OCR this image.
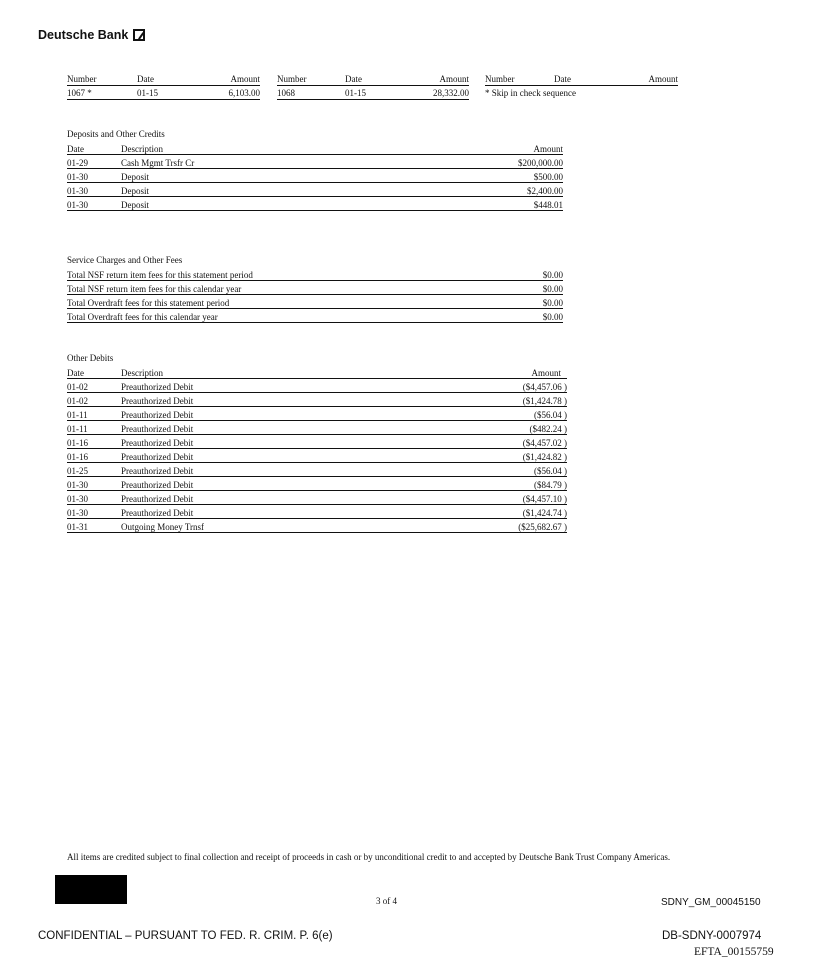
Deutsche Bank
Number	Date	Amount
1067 *	01-15	6,103.00
Number	Date	Amount
1068	01-15	28,332.00
Number	Date	Amount
* Skip in check sequence
Deposits and Other Credits
Date	Description	Amount
01-29	Cash Mgmt Trsfr Cr	$200,000.00
01-30	Deposit	$500.00
01-30	Deposit	$2,400.00
01-30	Deposit	$448.01
Service Charges and Other Fees
Total NSF return item fees for this statement period	$0.00
Total NSF return item fees for this calendar year	$0.00
Total Overdraft fees for this statement period	$0.00
Total Overdraft fees for this calendar year	$0.00
Other Debits
Date	Description	Amount
01-02	Preauthorized Debit	($4,457.06 )
01-02	Preauthorized Debit	($1,424.78 )
01-11	Preauthorized Debit	($56.04 )
01-11	Preauthorized Debit	($482.24 )
01-16	Preauthorized Debit	($4,457.02 )
01-16	Preauthorized Debit	($1,424.82 )
01-25	Preauthorized Debit	($56.04 )
01-30	Preauthorized Debit	($84.79 )
01-30	Preauthorized Debit	($4,457.10 )
01-30	Preauthorized Debit	($1,424.74 )
01-31	Outgoing Money Trnsf	($25,682.67 )
All items are credited subject to final collection and receipt of proceeds in cash or by unconditional credit to and accepted by Deutsche Bank Trust Company Americas.
3 of 4	SDNY_GM_00045150
CONFIDENTIAL – PURSUANT TO FED. R. CRIM. P. 6(e)	DB-SDNY-0007974
EFTA_00155759
